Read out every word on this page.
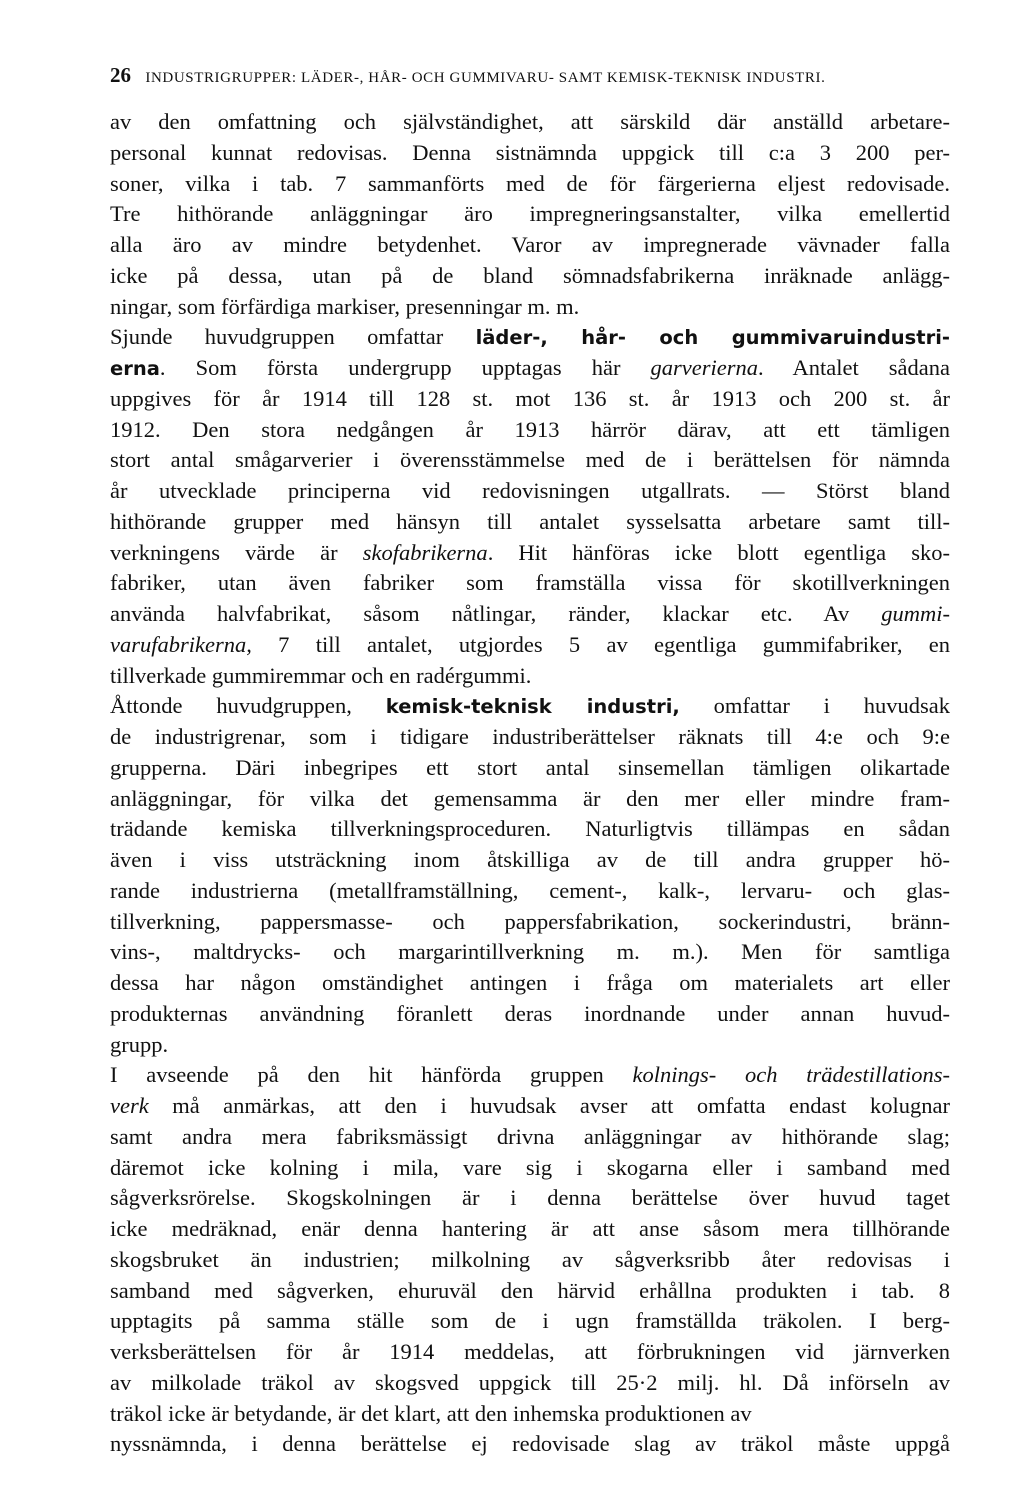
26 INDUSTRIGRUPPER: LÄDER-, HÅR- OCH GUMMIVARU- SAMT KEMISK-TEKNISK INDUSTRI.
av den omfattning och självständighet, att särskild där anställd arbetare-
personal kunnat redovisas. Denna sistnämnda uppgick till c:a 3 200 per-
soner, vilka i tab. 7 sammanförts med de för färgerierna eljest redovisade.
Tre hithörande anläggningar äro impregneringsanstalter, vilka emellertid
alla äro av mindre betydenhet. Varor av impregnerade vävnader falla
icke på dessa, utan på de bland sömnadsfabrikerna inräknade anlägg-
ningar, som förfärdiga markiser, presenningar m. m.
Sjunde huvudgruppen omfattar läder-, hår- och gummivaruindustri-
erna. Som första undergrupp upptagas här garverierna. Antalet sådana
uppgives för år 1914 till 128 st. mot 136 st. år 1913 och 200 st. år
1912. Den stora nedgången år 1913 härrör därav, att ett tämligen
stort antal smågarverier i överensstämmelse med de i berättelsen för nämnda
år utvecklade principerna vid redovisningen utgallrats. — Störst bland
hithörande grupper med hänsyn till antalet sysselsatta arbetare samt till-
verkningens värde är skofabrikerna. Hit hänföras icke blott egentliga sko-
fabriker, utan även fabriker som framställa vissa för skotillverkningen
använda halvfabrikat, såsom nåtlingar, ränder, klackar etc. Av gummi-
varufabrikerna, 7 till antalet, utgjordes 5 av egentliga gummifabriker, en
tillverkade gummiremmar och en radérgummi.
Åttonde huvudgruppen, kemisk-teknisk industri, omfattar i huvudsak
de industrigrenar, som i tidigare industriberättelser räknats till 4:e och 9:e
grupperna. Däri inbegripes ett stort antal sinsemellan tämligen olikartade
anläggningar, för vilka det gemensamma är den mer eller mindre fram-
trädande kemiska tillverkningsproceduren. Naturligtvis tillämpas en sådan
även i viss utsträckning inom åtskilliga av de till andra grupper hö-
rande industrierna (metallframställning, cement-, kalk-, lervaru- och glas-
tillverkning, pappersmasse- och pappersfabrikation, sockerindustri, bränn-
vins-, maltdrycks- och margarintillverkning m. m.). Men för samtliga
dessa har någon omständighet antingen i fråga om materialets art eller
produkternas användning föranlett deras inordnande under annan huvud-
grupp.
I avseende på den hit hänförda gruppen kolnings- och trädestillations-
verk må anmärkas, att den i huvudsak avser att omfatta endast kolugnar
samt andra mera fabriksmässigt drivna anläggningar av hithörande slag;
däremot icke kolning i mila, vare sig i skogarna eller i samband med
sågverksrörelse. Skogskolningen är i denna berättelse över huvud taget
icke medräknad, enär denna hantering är att anse såsom mera tillhörande
skogsbruket än industrien; milkolning av sågverksribb åter redovisas i
samband med sågverken, ehuruväl den härvid erhållna produkten i tab. 8
upptagits på samma ställe som de i ugn framställda träkolen. I berg-
verksberättelsen för år 1914 meddelas, att förbrukningen vid järnverken
av milkolade träkol av skogsved uppgick till 25·2 milj. hl. Då införseln av
träkol icke är betydande, är det klart, att den inhemska produktionen av
nyssnämnda, i denna berättelse ej redovisade slag av träkol måste uppgå
